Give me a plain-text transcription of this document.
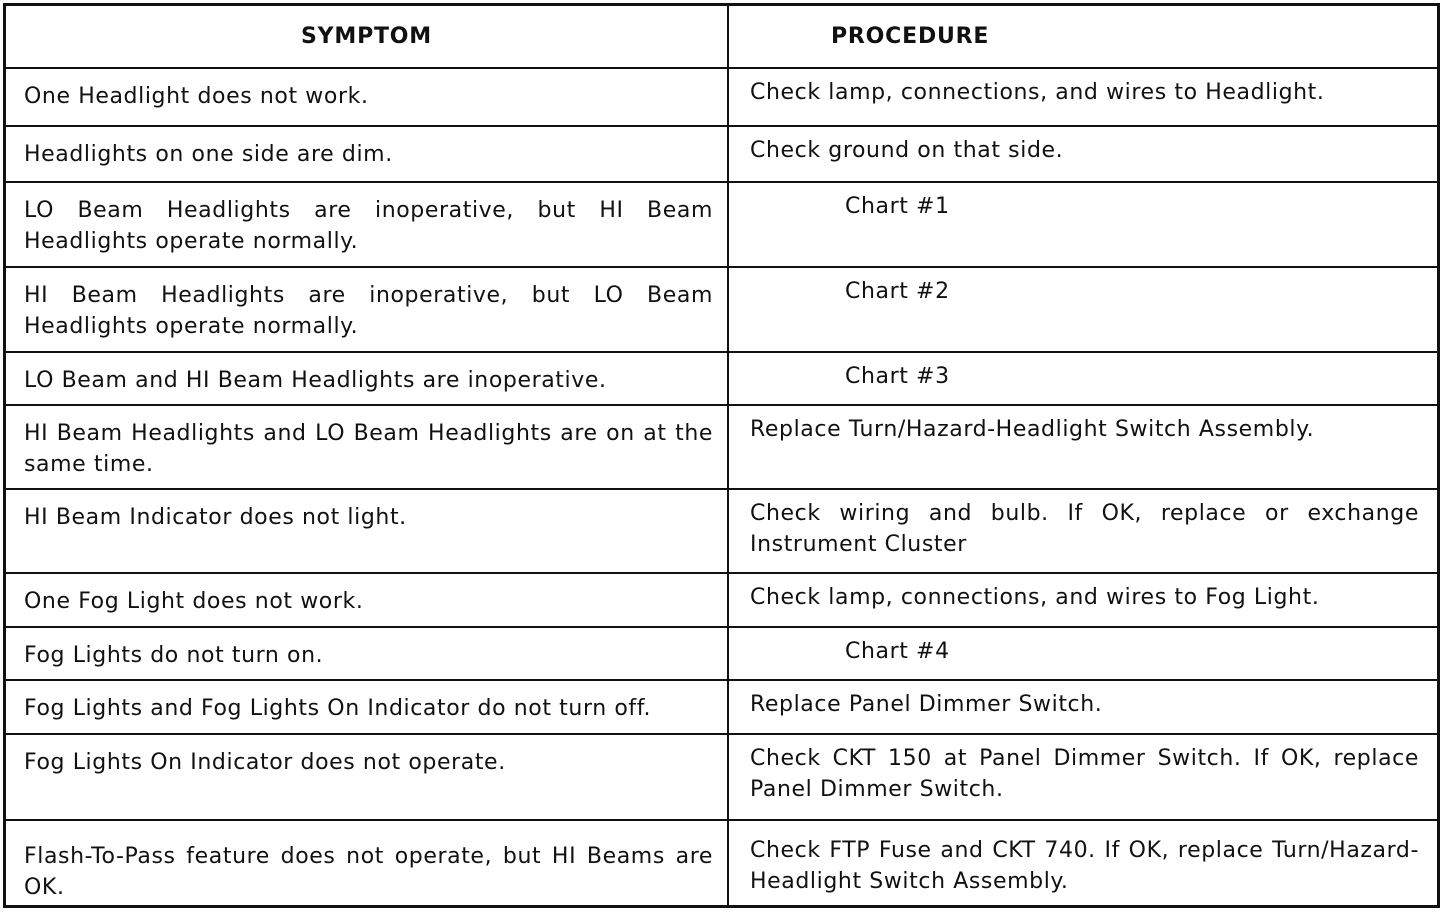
SYMPTOM	PROCEDURE
One Headlight does not work.	Check lamp, connections, and wires to Headlight.
Headlights on one side are dim.	Check ground on that side.
LO Beam Headlights are inoperative, but HI Beam Headlights operate normally.	Chart #1
HI Beam Headlights are inoperative, but LO Beam Headlights operate normally.	Chart #2
LO Beam and HI Beam Headlights are inoperative.	Chart #3
HI Beam Headlights and LO Beam Headlights are on at the same time.	Replace Turn/Hazard-Headlight Switch Assembly.
HI Beam Indicator does not light.	Check wiring and bulb. If OK, replace or exchange Instrument Cluster
One Fog Light does not work.	Check lamp, connections, and wires to Fog Light.
Fog Lights do not turn on.	Chart #4
Fog Lights and Fog Lights On Indicator do not turn off.	Replace Panel Dimmer Switch.
Fog Lights On Indicator does not operate.	Check CKT 150 at Panel Dimmer Switch. If OK, replace Panel Dimmer Switch.
Flash-To-Pass feature does not operate, but HI Beams are OK.	Check FTP Fuse and CKT 740. If OK, replace Turn/Hazard-Headlight Switch Assembly.
